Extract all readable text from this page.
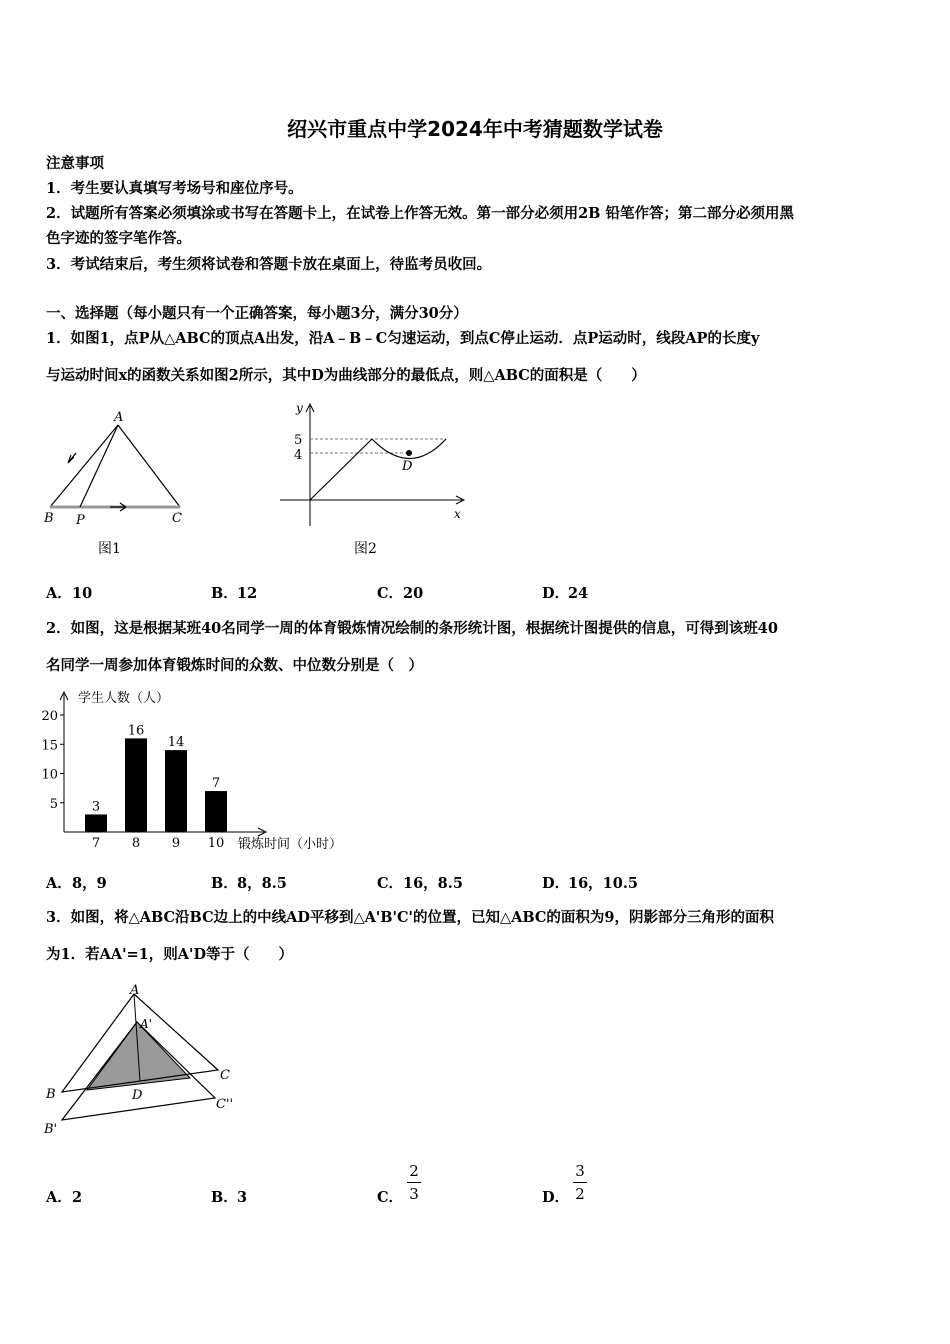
绍兴市重点中学2024年中考猜题数学试卷
注意事项
1．考生要认真填写考场号和座位序号。
2．试题所有答案必须填涂或书写在答题卡上，在试卷上作答无效。第一部分必须用2B 铅笔作答；第二部分必须用黑
色字迹的签字笔作答。
3．考试结束后，考生须将试卷和答题卡放在桌面上，待监考员收回。
一、选择题（每小题只有一个正确答案，每小题3分，满分30分）
1．如图1，点P从△ABC的顶点A出发，沿A﹣B﹣C匀速运动，到点C停止运动．点P运动时，线段AP的长度y
与运动时间x的函数关系如图2所示，其中D为曲线部分的最低点，则△ABC的面积是（　　）
A
B P	C
图1
y
x
5
4
D
图2
A．10	B．12	C．20	D．24
2．如图，这是根据某班40名同学一周的体育锻炼情况绘制的条形统计图，根据统计图提供的信息，可得到该班40
名同学一周参加体育锻炼时间的众数、中位数分别是（　）
学生人数（人）
锻炼时间（小时）
5
10
15
20
3
7
16
8
14
9
7
10
A．8，9	B．8，8.5	C．16，8.5	D．16，10.5
3．如图，将△ABC沿BC边上的中线AD平移到△A'B'C'的位置，已知△ABC的面积为9，阴影部分三角形的面积
为1．若AA'=1，则A'D等于（　　）
A
A'
B
C
D
B'
C''
A．2	B．3	C．
2
3	D．
3
2
